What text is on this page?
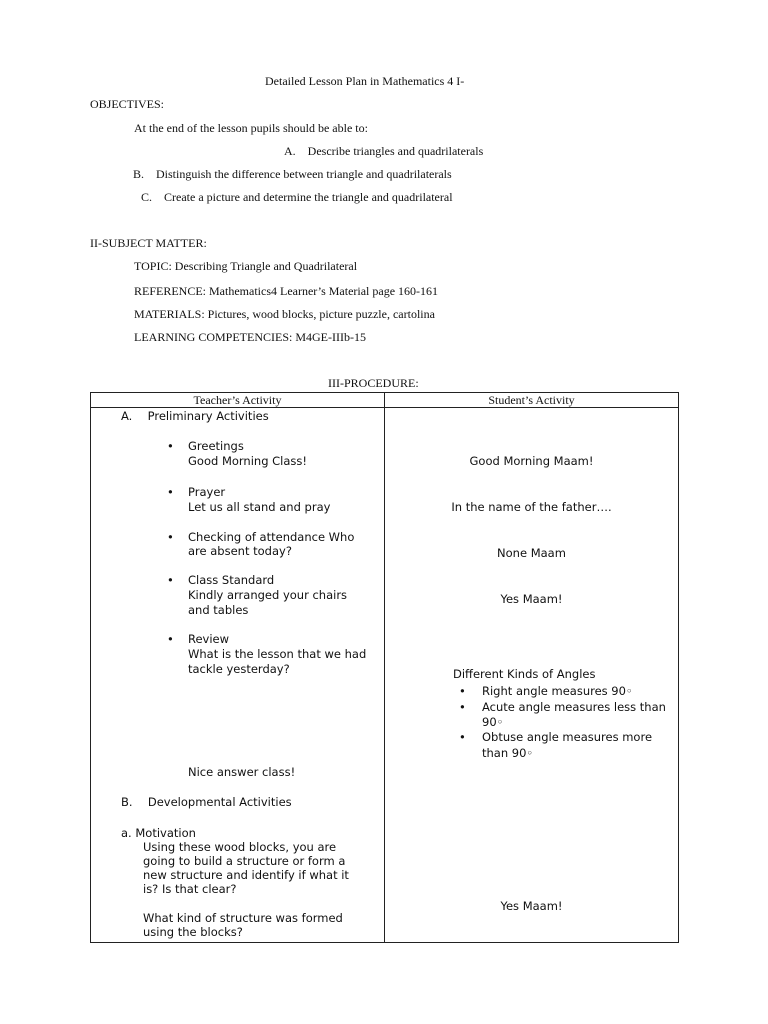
Detailed Lesson Plan in Mathematics 4 I-
OBJECTIVES:
At the end of the lesson pupils should be able to:
A. Describe triangles and quadrilaterals
B. Distinguish the difference between triangle and quadrilaterals
C. Create a picture and determine the triangle and quadrilateral
II-SUBJECT MATTER:
TOPIC: Describing Triangle and Quadrilateral
REFERENCE: Mathematics4 Learner’s Material page 160-161
MATERIALS: Pictures, wood blocks, picture puzzle, cartolina
LEARNING COMPETENCIES: M4GE-IIIb-15
III-PROCEDURE:
Teacher’s Activity	Student’s Activity
A. Preliminary Activities
• Greetings
Good Morning Class!
• Prayer
Let us all stand and pray
• Checking of attendance Who
are absent today?
• Class Standard
Kindly arranged your chairs
and tables
• Review
What is the lesson that we had
tackle yesterday?
Nice answer class!
B. Developmental Activities
a. Motivation
Using these wood blocks, you are
going to build a structure or form a
new structure and identify if what it
is? Is that clear?
What kind of structure was formed
using the blocks?
Good Morning Maam!
In the name of the father….
None Maam
Yes Maam!
Different Kinds of Angles
• Right angle measures 90◦
• Acute angle measures less than
90◦
• Obtuse angle measures more
than 90◦
Yes Maam!
